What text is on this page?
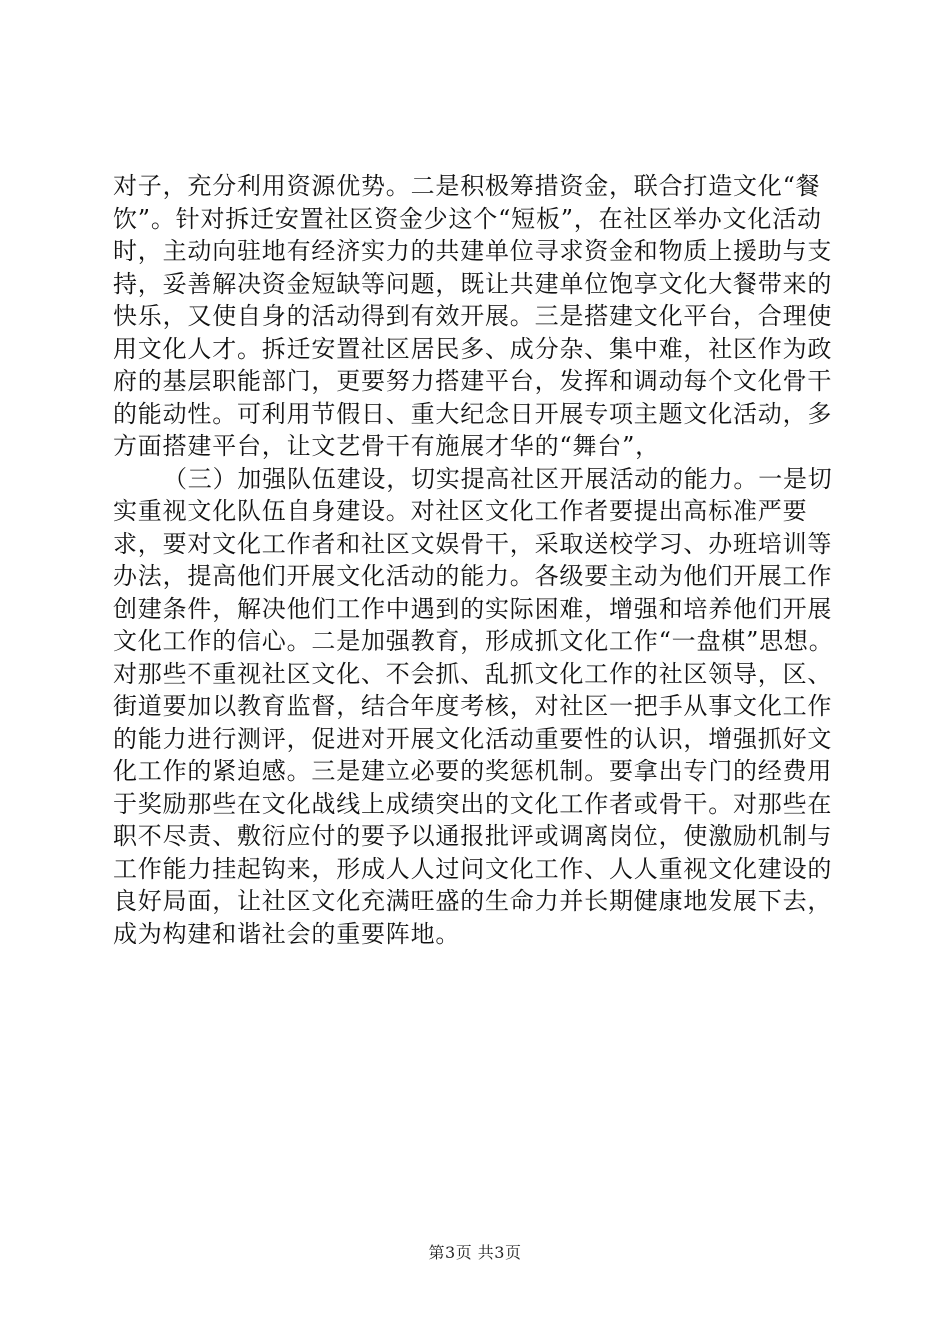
对子，充分利用资源优势。二是积极筹措资金，联合打造文化“餐饮”。针对拆迁安置社区资金少这个“短板”，在社区举办文化活动时，主动向驻地有经济实力的共建单位寻求资金和物质上援助与支持，妥善解决资金短缺等问题，既让共建单位饱享文化大餐带来的快乐，又使自身的活动得到有效开展。三是搭建文化平台，合理使用文化人才。拆迁安置社区居民多、成分杂、集中难，社区作为政府的基层职能部门，更要努力搭建平台，发挥和调动每个文化骨干的能动性。可利用节假日、重大纪念日开展专项主题文化活动，多方面搭建平台，让文艺骨干有施展才华的“舞台”，

（三）加强队伍建设，切实提高社区开展活动的能力。一是切实重视文化队伍自身建设。对社区文化工作者要提出高标准严要求，要对文化工作者和社区文娱骨干，采取送校学习、办班培训等办法，提高他们开展文化活动的能力。各级要主动为他们开展工作创建条件，解决他们工作中遇到的实际困难，增强和培养他们开展文化工作的信心。二是加强教育，形成抓文化工作“一盘棋”思想。对那些不重视社区文化、不会抓、乱抓文化工作的社区领导，区、街道要加以教育监督，结合年度考核，对社区一把手从事文化工作的能力进行测评，促进对开展文化活动重要性的认识，增强抓好文化工作的紧迫感。三是建立必要的奖惩机制。要拿出专门的经费用于奖励那些在文化战线上成绩突出的文化工作者或骨干。对那些在职不尽责、敷衍应付的要予以通报批评或调离岗位，使激励机制与工作能力挂起钩来，形成人人过问文化工作、人人重视文化建设的良好局面，让社区文化充满旺盛的生命力并长期健康地发展下去，成为构建和谐社会的重要阵地。

第3页 共3页
